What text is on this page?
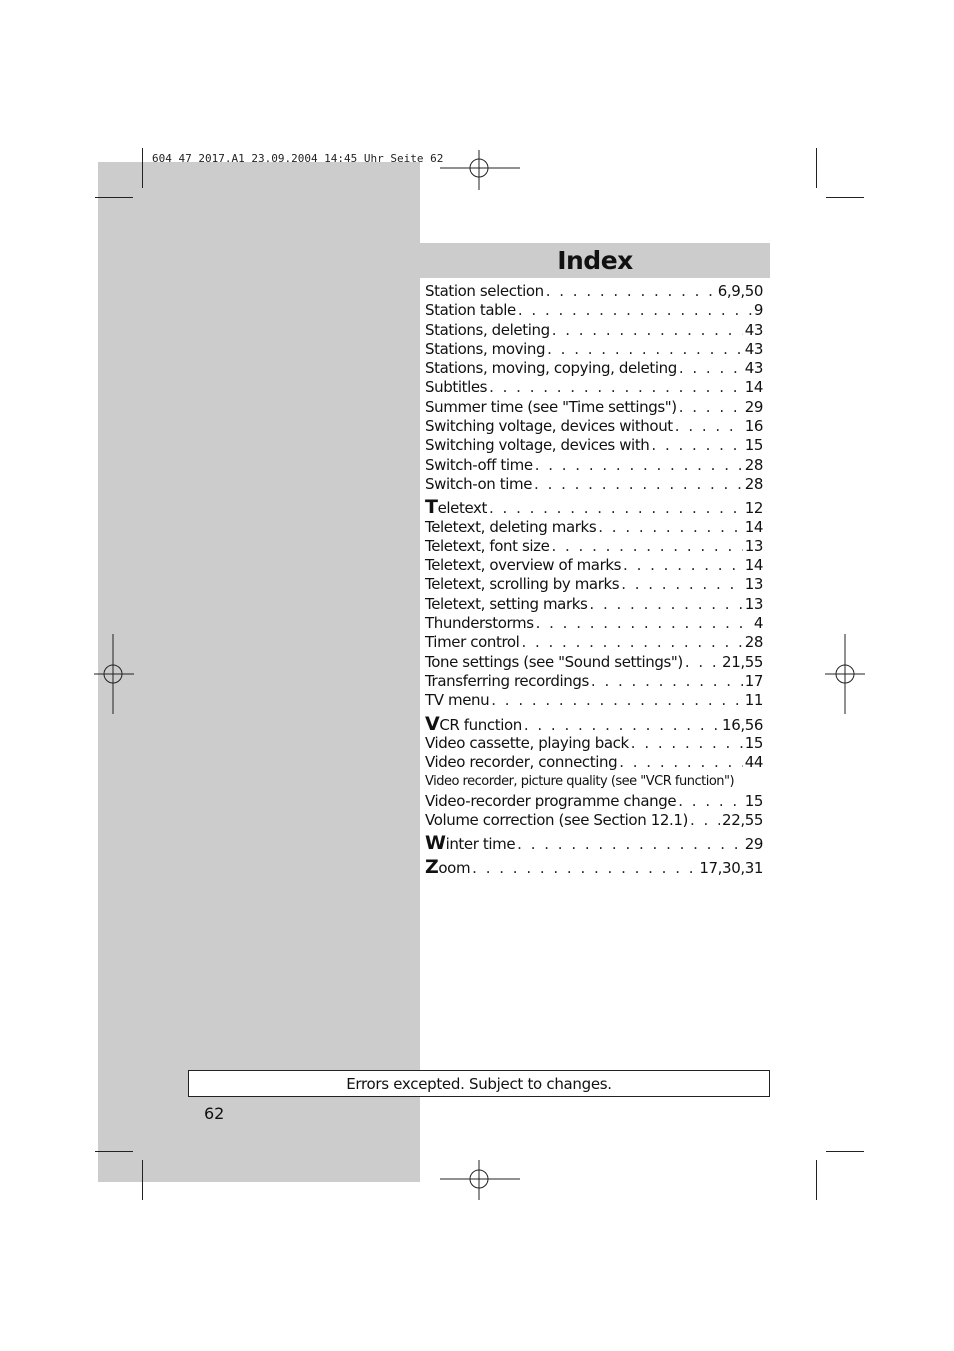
604 47 2017.A1 23.09.2004 14:45 Uhr Seite 62
Index
Station selection . . .	6,9,50
Station table . . .	9
Stations, deleting . . .	43
Stations, moving . . .	43
Stations, moving, copying, deleting . . .	43
Subtitles . . .	14
Summer time (see "Time settings") . . .	29
Switching voltage, devices without . . .	16
Switching voltage, devices with . . .	15
Switch-off time . . .	28
Switch-on time . . .	28
Teletext . . .	12
Teletext, deleting marks . . .	14
Teletext, font size . . .	13
Teletext, overview of marks . . .	14
Teletext, scrolling by marks . . .	13
Teletext, setting marks . . .	13
Thunderstorms . . .	4
Timer control . . .	28
Tone settings (see "Sound settings") . . .	21,55
Transferring recordings . . .	17
TV menu . . .	11
VCR function . . .	16,56
Video cassette, playing back . . .	15
Video recorder, connecting . . .	44
Video recorder, picture quality (see "VCR function")
Video-recorder programme change . . .	15
Volume correction (see Section 12.1) . . . 22,55
Winter time . . .	29
Zoom . . .	17,30,31
Errors excepted. Subject to changes.
62
